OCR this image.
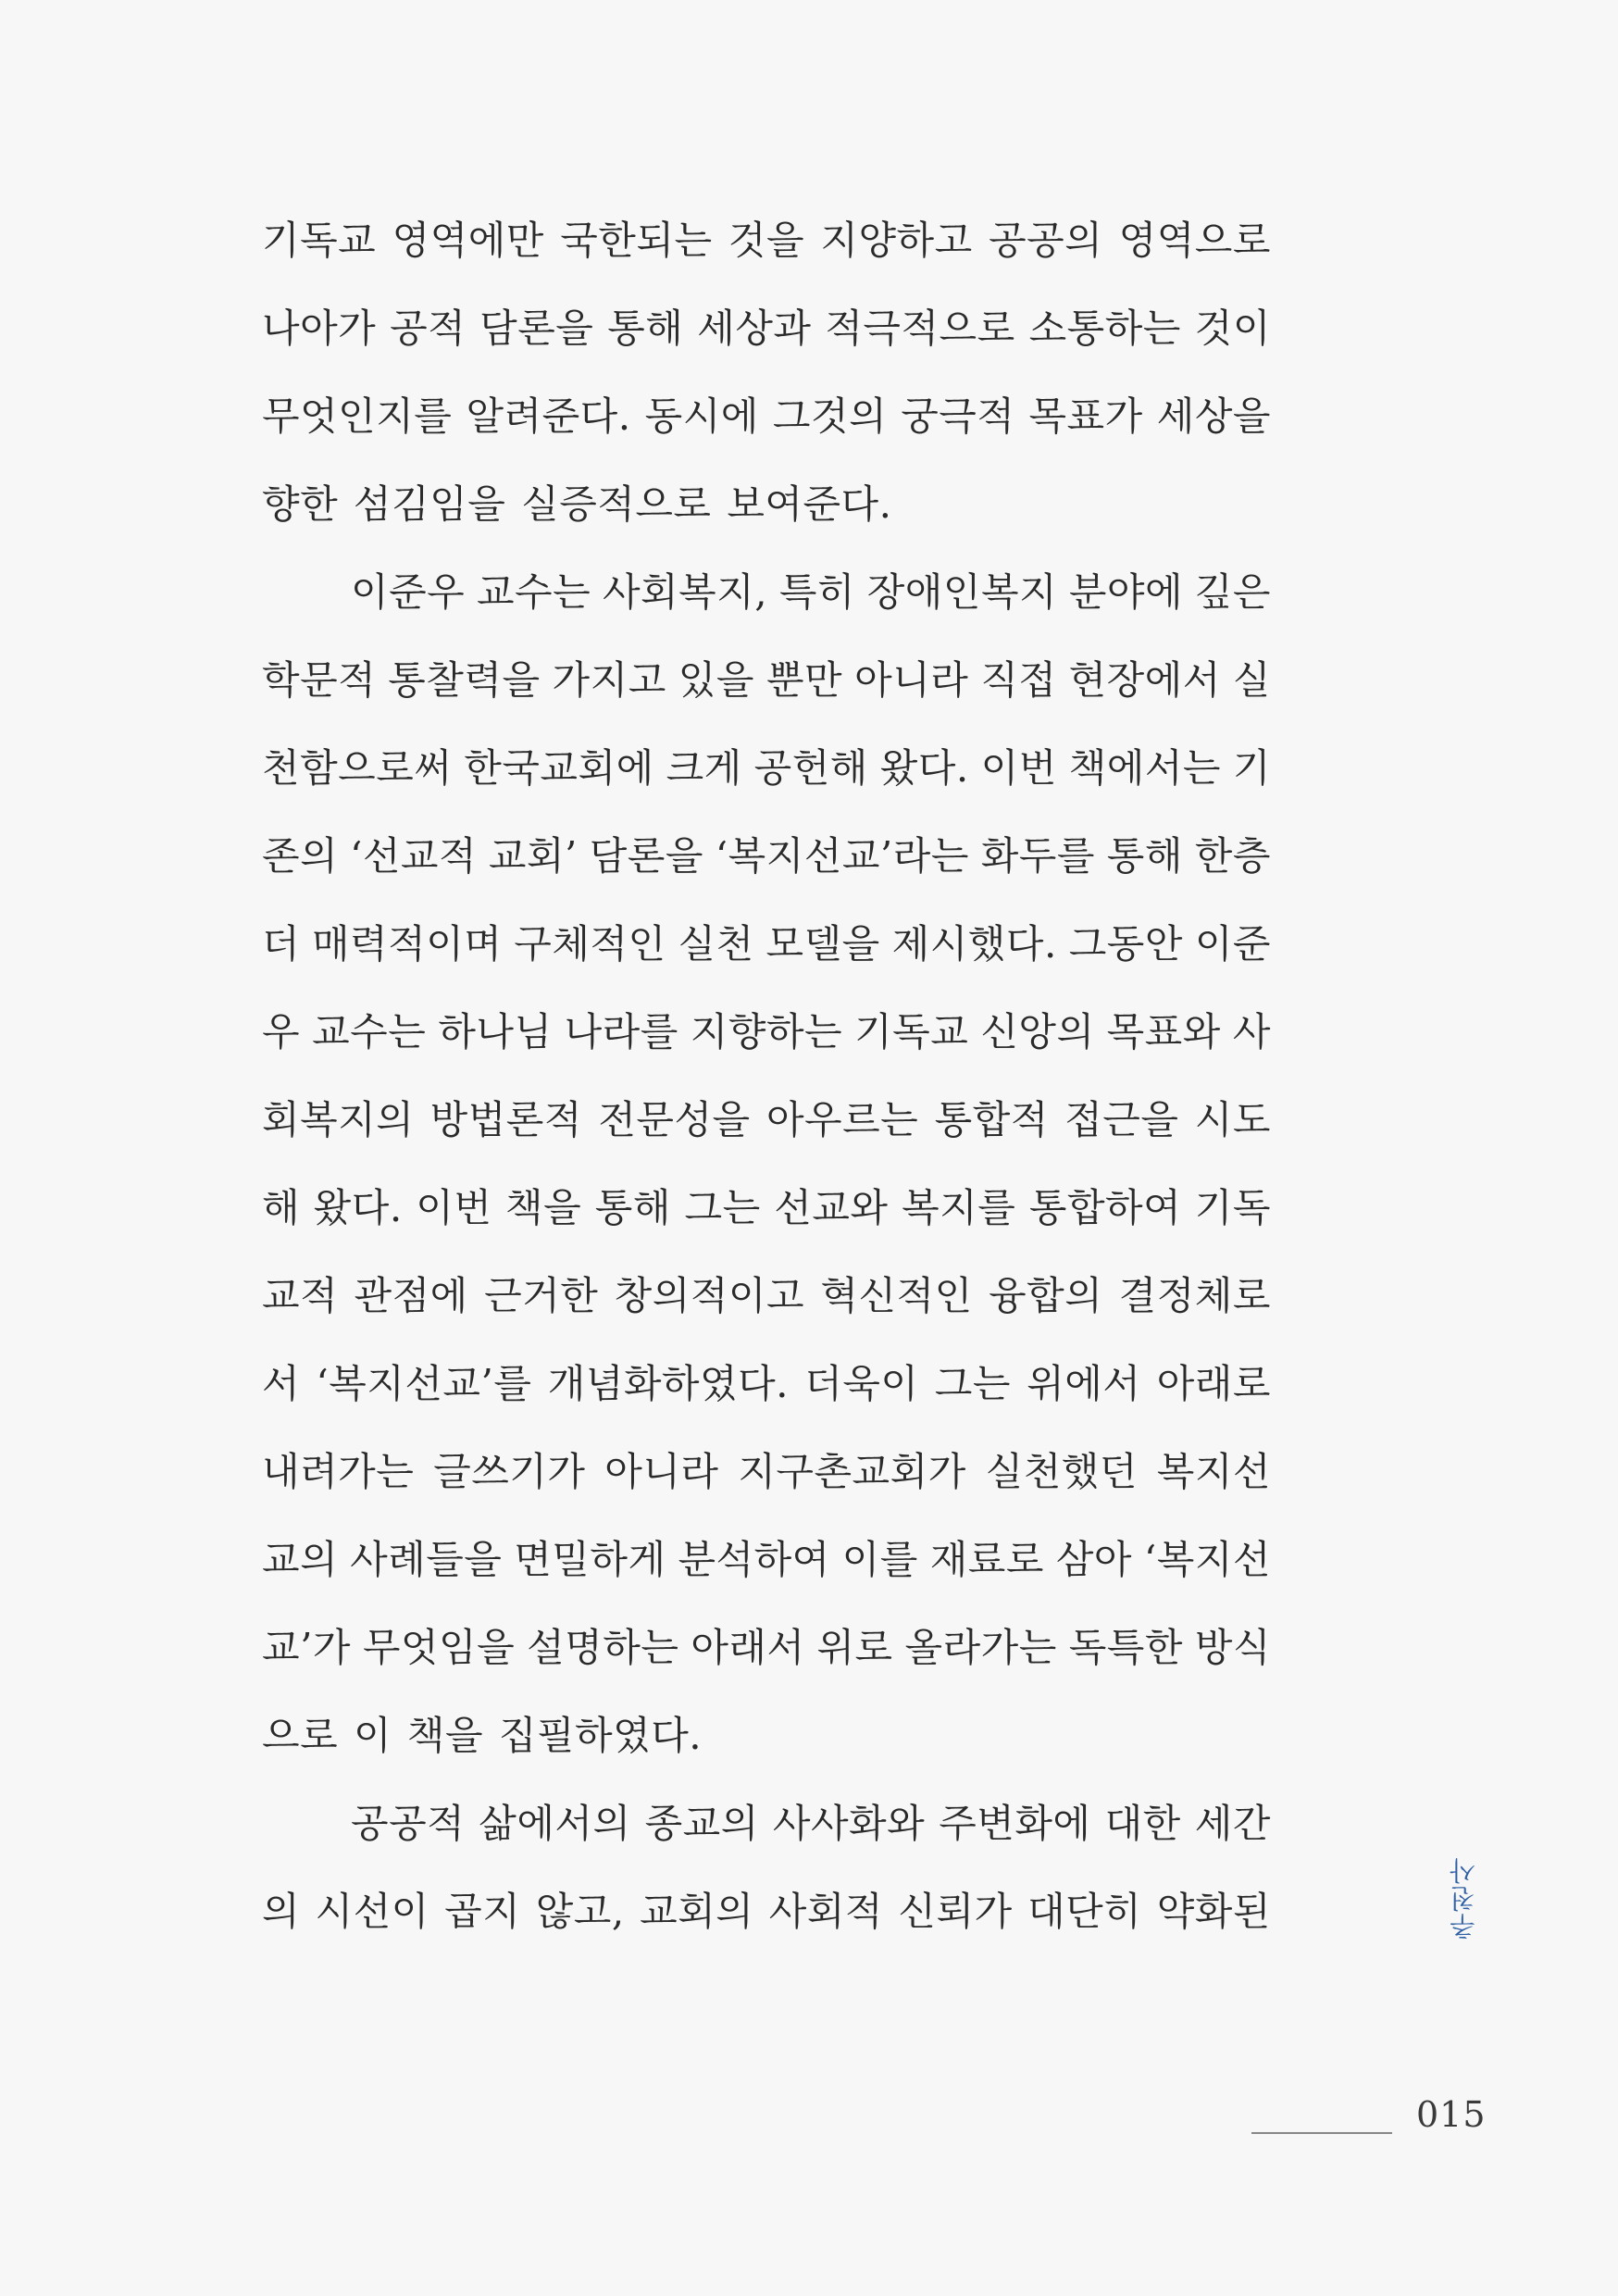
기독교 영역에만 국한되는 것을 지양하고 공공의 영역으로
나아가 공적 담론을 통해 세상과 적극적으로 소통하는 것이
무엇인지를 알려준다. 동시에 그것의 궁극적 목표가 세상을
향한 섬김임을 실증적으로 보여준다.
이준우 교수는 사회복지, 특히 장애인복지 분야에 깊은
학문적 통찰력을 가지고 있을 뿐만 아니라 직접 현장에서 실
천함으로써 한국교회에 크게 공헌해 왔다. 이번 책에서는 기
존의 ‘선교적 교회’ 담론을 ‘복지선교’라는 화두를 통해 한층
더 매력적이며 구체적인 실천 모델을 제시했다. 그동안 이준
우 교수는 하나님 나라를 지향하는 기독교 신앙의 목표와 사
회복지의 방법론적 전문성을 아우르는 통합적 접근을 시도
해 왔다. 이번 책을 통해 그는 선교와 복지를 통합하여 기독
교적 관점에 근거한 창의적이고 혁신적인 융합의 결정체로
서 ‘복지선교’를 개념화하였다. 더욱이 그는 위에서 아래로
내려가는 글쓰기가 아니라 지구촌교회가 실천했던 복지선
교의 사례들을 면밀하게 분석하여 이를 재료로 삼아 ‘복지선
교’가 무엇임을 설명하는 아래서 위로 올라가는 독특한 방식
으로 이 책을 집필하였다.
공공적 삶에서의 종교의 사사화와 주변화에 대한 세간
의 시선이 곱지 않고, 교회의 사회적 신뢰가 대단히 약화된	추천사
015
